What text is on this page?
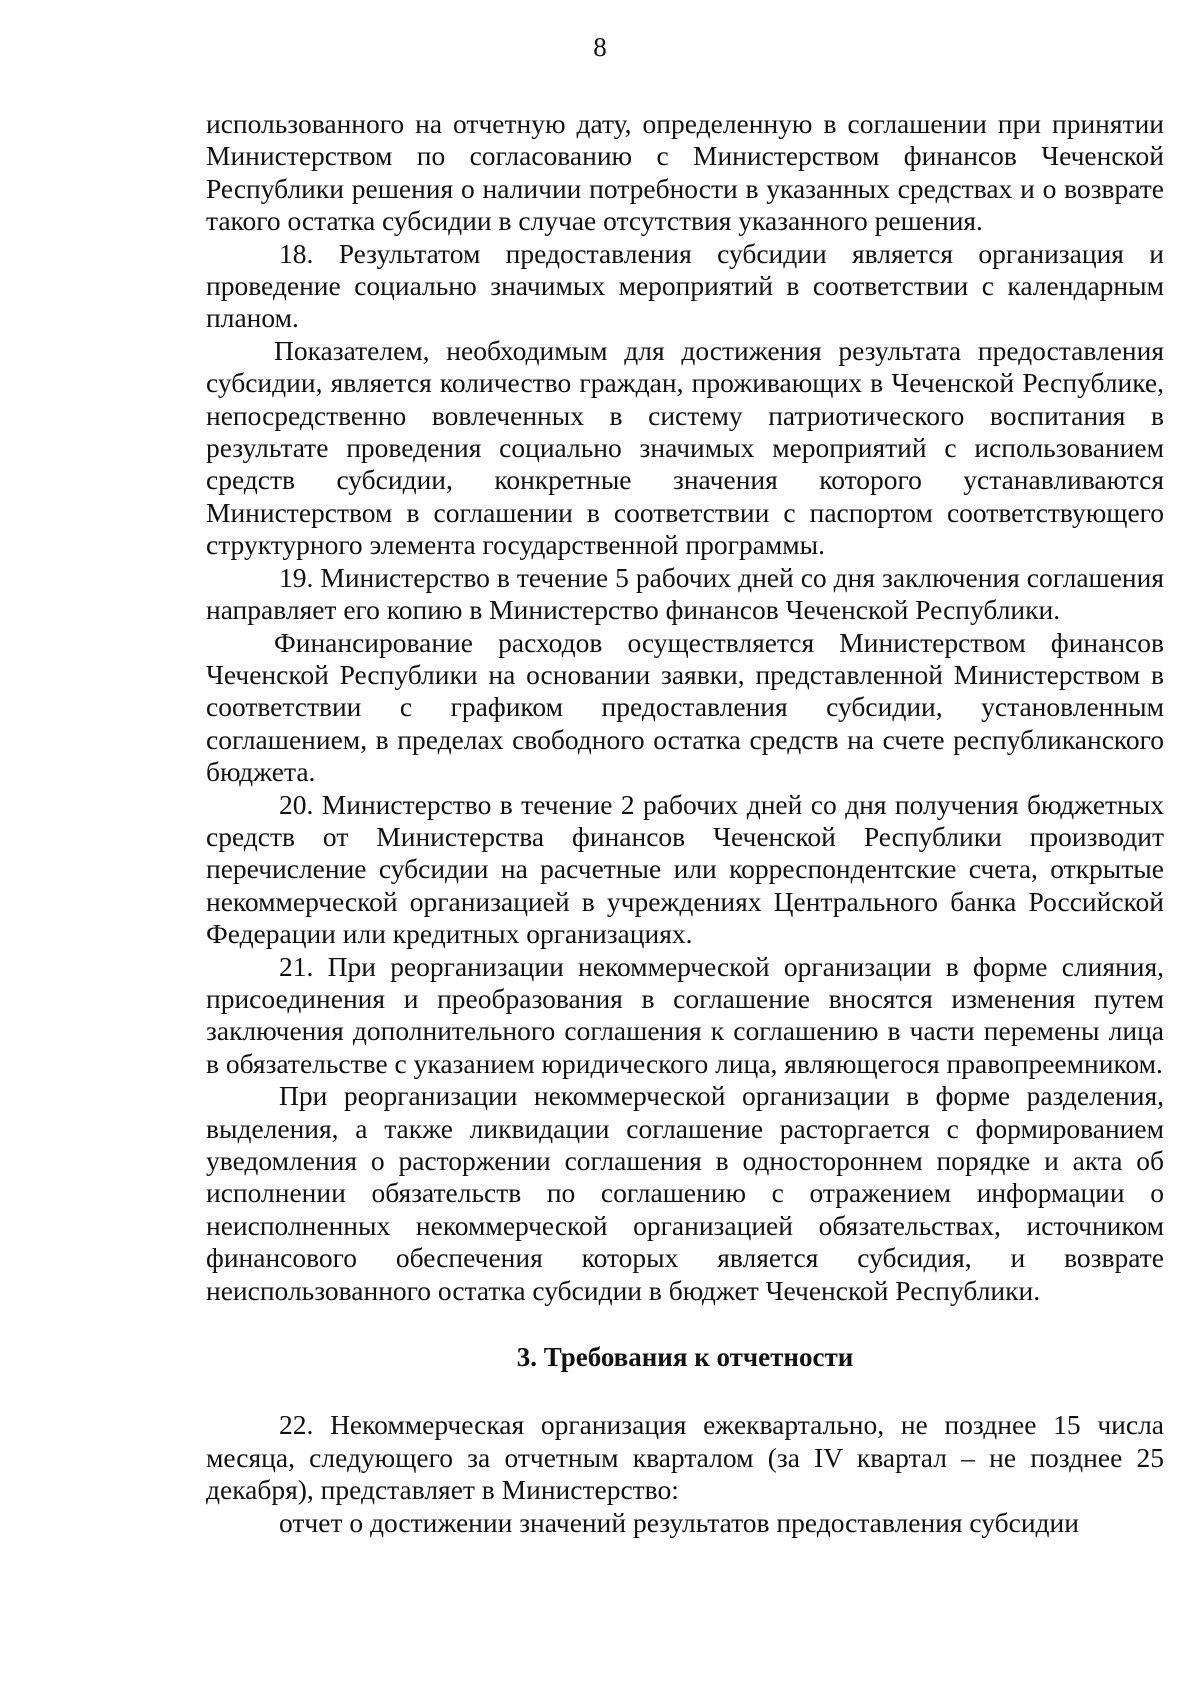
8

использованного на отчетную дату, определенную в соглашении при принятии Министерством по согласованию с Министерством финансов Чеченской Республики решения о наличии потребности в указанных средствах и о возврате такого остатка субсидии в случае отсутствия указанного решения.

18. Результатом предоставления субсидии является организация и проведение социально значимых мероприятий в соответствии с календарным планом.

Показателем, необходимым для достижения результата предоставления субсидии, является количество граждан, проживающих в Чеченской Республике, непосредственно вовлеченных в систему патриотического воспитания в результате проведения социально значимых мероприятий с использованием средств субсидии, конкретные значения которого устанавливаются Министерством в соглашении в соответствии с паспортом соответствующего структурного элемента государственной программы.

19. Министерство в течение 5 рабочих дней со дня заключения соглашения направляет его копию в Министерство финансов Чеченской Республики.

Финансирование расходов осуществляется Министерством финансов Чеченской Республики на основании заявки, представленной Министерством в соответствии с графиком предоставления субсидии, установленным соглашением, в пределах свободного остатка средств на счете республиканского бюджета.

20. Министерство в течение 2 рабочих дней со дня получения бюджетных средств от Министерства финансов Чеченской Республики производит перечисление субсидии на расчетные или корреспондентские счета, открытые некоммерческой организацией в учреждениях Центрального банка Российской Федерации или кредитных организациях.

21. При реорганизации некоммерческой организации в форме слияния, присоединения и преобразования в соглашение вносятся изменения путем заключения дополнительного соглашения к соглашению в части перемены лица в обязательстве с указанием юридического лица, являющегося правопреемником.

При реорганизации некоммерческой организации в форме разделения, выделения, а также ликвидации соглашение расторгается с формированием уведомления о расторжении соглашения в одностороннем порядке и акта об исполнении обязательств по соглашению с отражением информации о неисполненных некоммерческой организацией обязательствах, источником финансового обеспечения которых является субсидия, и возврате неиспользованного остатка субсидии в бюджет Чеченской Республики.

3. Требования к отчетности

22. Некоммерческая организация ежеквартально, не позднее 15 числа месяца, следующего за отчетным кварталом (за IV квартал – не позднее 25 декабря), представляет в Министерство:

отчет о достижении значений результатов предоставления субсидии
